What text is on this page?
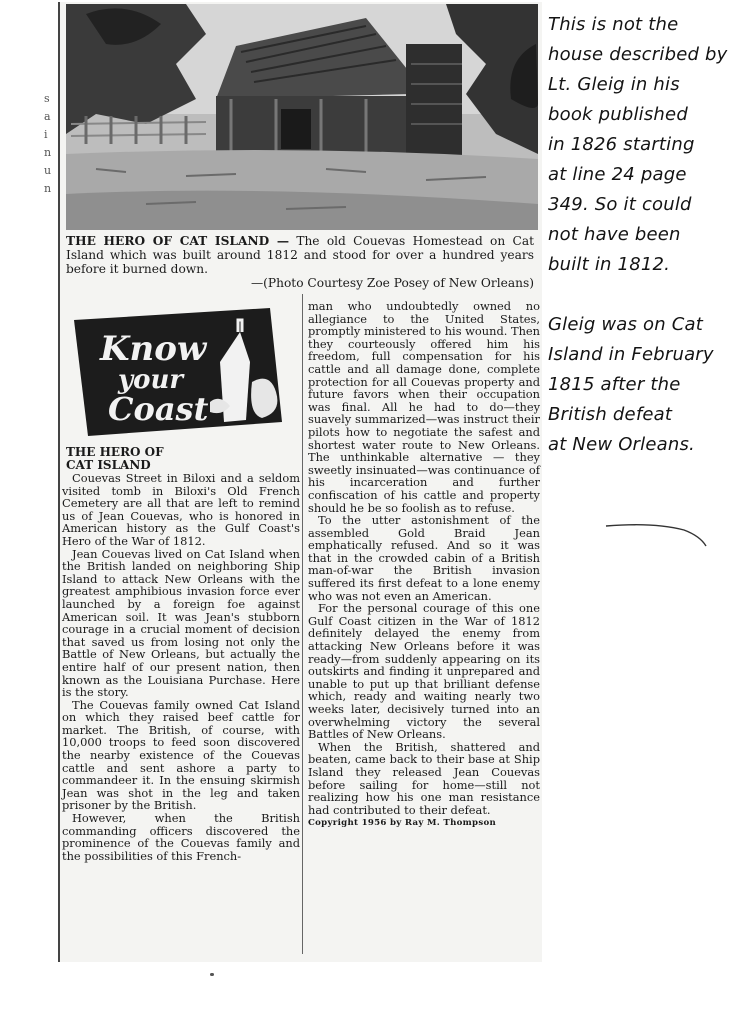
s
a
i
n
u
n
THE HERO OF CAT ISLAND — The old Couevas Homestead on Cat Island which was built around 1812 and stood for over a hundred years before it burned down.
—(Photo Courtesy Zoe Posey of New Orleans)
Know
your
Coast
THE HERO OF
CAT ISLAND

Couevas Street in Biloxi and a seldom visited tomb in Biloxi's Old French Cemetery are all that are left to remind us of Jean Couevas, who is honored in American history as the Gulf Coast's Hero of the War of 1812.

Jean Couevas lived on Cat Island when the British landed on neighboring Ship Island to attack New Orleans with the greatest amphibious invasion force ever launched by a foreign foe against American soil. It was Jean's stubborn courage in a crucial moment of decision that saved us from losing not only the Battle of New Orleans, but actually the entire half of our present nation, then known as the Louisiana Purchase. Here is the story.

The Couevas family owned Cat Island on which they raised beef cattle for market. The British, of course, with 10,000 troops to feed soon discovered the nearby existence of the Couevas cattle and sent ashore a party to commandeer it. In the ensuing skirmish Jean was shot in the leg and taken prisoner by the British.

However, when the British commanding officers discovered the prominence of the Couevas family and the possibilities of this French-

man who undoubtedly owned no allegiance to the United States, promptly ministered to his wound. Then they courteously offered him his freedom, full compensation for his cattle and all damage done, complete protection for all Couevas property and future favors when their occupation was final. All he had to do—they suavely summarized—was instruct their pilots how to negotiate the safest and shortest water route to New Orleans. The unthinkable alternative — they sweetly insinuated—was continuance of his incarceration and further confiscation of his cattle and property should he be so foolish as to refuse.

To the utter astonishment of the assembled Gold Braid Jean emphatically refused. And so it was that in the crowded cabin of a British man-of-war the British invasion suffered its first defeat to a lone enemy who was not even an American.

For the personal courage of this one Gulf Coast citizen in the War of 1812 definitely delayed the enemy from attacking New Orleans before it was ready—from suddenly appearing on its outskirts and finding it unprepared and unable to put up that brilliant defense which, ready and waiting nearly two weeks later, decisively turned into an overwhelming victory the several Battles of New Orleans.

When the British, shattered and beaten, came back to their base at Ship Island they released Jean Couevas before sailing for home—still not realizing how his one man resistance had contributed to their defeat.

Copyright 1956 by Ray M. Thompson
This is not the
house described by
Lt. Gleig in his
book published
in 1826 starting
at line 24 page
349. So it could
not have been
built in 1812.

Gleig was on Cat
Island in February
1815 after the
British defeat
at New Orleans.
